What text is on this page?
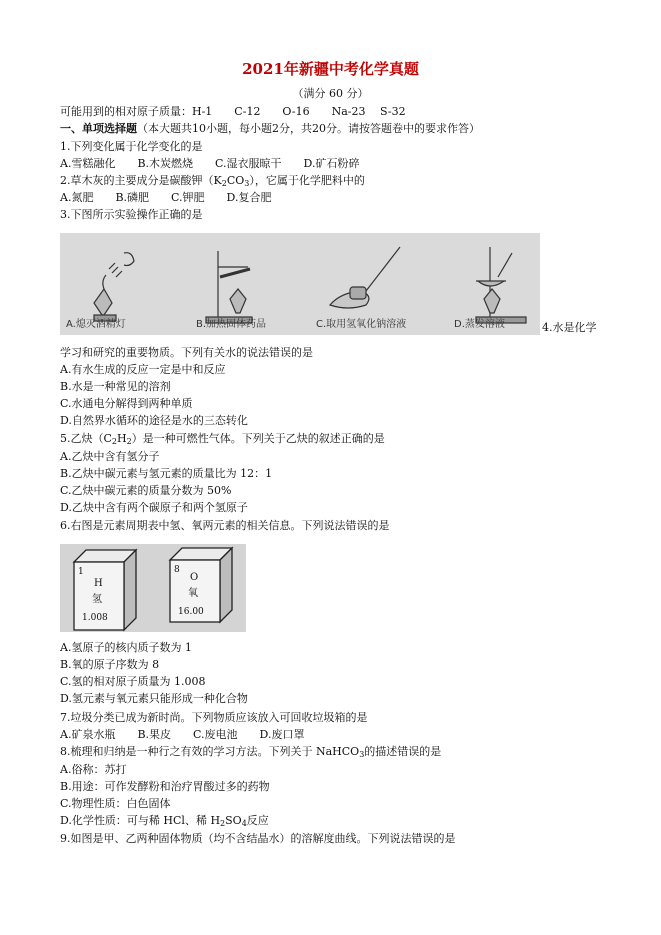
2021年新疆中考化学真题
（满分 60 分）
可能用到的相对原子质量：H-1　　C-12　　O-16　　Na-23　 S-32
一、单项选择题（本大题共10小题，每小题2分，共20分。请按答题卷中的要求作答）
1.下列变化属于化学变化的是
A.雪糕融化　　B.木炭燃烧　　C.湿衣服晾干　　D.矿石粉碎
2.草木灰的主要成分是碳酸钾（K2CO3），它属于化学肥料中的
A.氮肥　　B.磷肥　　C.钾肥　　D.复合肥
3.下图所示实验操作正确的是
A.熄灭酒精灯	B.加热固体药品	C.取用氢氧化钠溶液	D.蒸发溶液	4.水是化学
学习和研究的重要物质。下列有关水的说法错误的是
A.有水生成的反应一定是中和反应
B.水是一种常见的溶剂
C.水通电分解得到两种单质
D.自然界水循环的途径是水的三态转化
5.乙炔（C2H2）是一种可燃性气体。下列关于乙炔的叙述正确的是
A.乙炔中含有氢分子
B.乙炔中碳元素与氢元素的质量比为 12：1
C.乙炔中碳元素的质量分数为 50%
D.乙炔中含有两个碳原子和两个氢原子
6.右图是元素周期表中氢、氧两元素的相关信息。下列说法错误的是
1
H
氢
1.008
8
O
氧
16.00
A.氢原子的核内质子数为 1
B.氧的原子序数为 8
C.氢的相对原子质量为 1.008
D.氢元素与氧元素只能形成一种化合物
7.垃圾分类已成为新时尚。下列物质应该放入可回收垃圾箱的是
A.矿泉水瓶　　B.果皮　　C.废电池　　D.废口罩
8.梳理和归纳是一种行之有效的学习方法。下列关于 NaHCO3的描述错误的是
A.俗称：苏打
B.用途：可作发酵粉和治疗胃酸过多的药物
C.物理性质：白色固体
D.化学性质：可与稀 HCl、稀 H2SO4反应
9.如图是甲、乙两种固体物质（均不含结晶水）的溶解度曲线。下列说法错误的是
